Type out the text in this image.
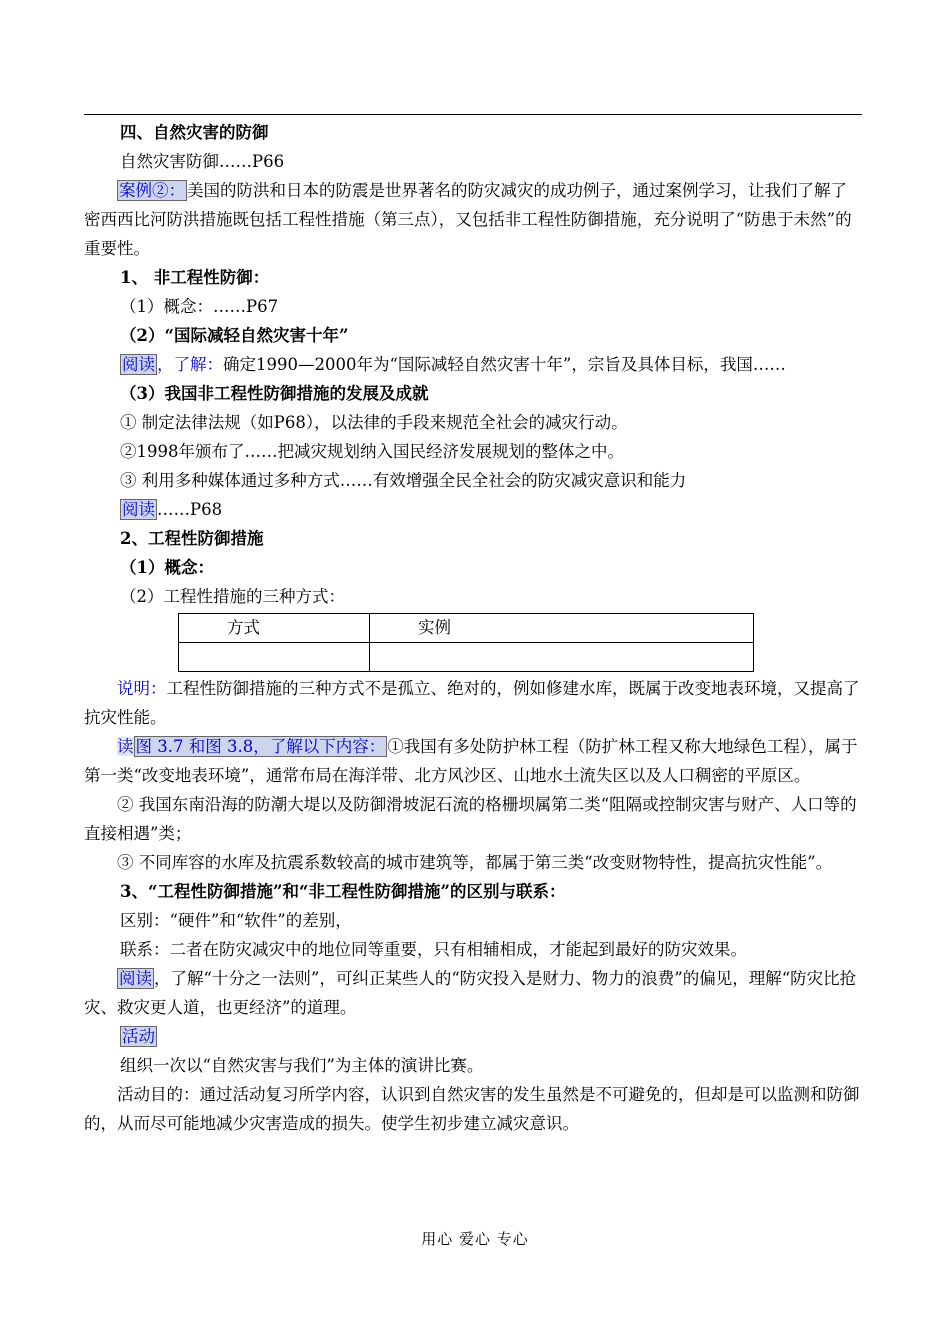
四、自然灾害的防御

自然灾害防御……P66

案例②： 美国的防洪和日本的防震是世界著名的防灾减灾的成功例子，通过案例学习，让我们了解了密西西比河防洪措施既包括工程性措施（第三点），又包括非工程性防御措施，充分说明了“防患于未然”的重要性。

1、 非工程性防御：

（1）概念：……P67

（2）“国际减轻自然灾害十年”

阅读 ，了解：确定1990—2000年为“国际减轻自然灾害十年”，宗旨及具体目标，我国……

（3）我国非工程性防御措施的发展及成就

① 制定法律法规（如P68），以法律的手段来规范全社会的减灾行动。

②1998年颁布了……把减灾规划纳入国民经济发展规划的整体之中。

③ 利用多种媒体通过多种方式……有效增强全民全社会的防灾减灾意识和能力

阅读 ……P68

2、工程性防御措施

（1）概念：

（2）工程性措施的三种方式：

方式	实例

说明：工程性防御措施的三种方式不是孤立、绝对的，例如修建水库，既属于改变地表环境，又提高了抗灾性能。

读 图 3.7 和图 3.8，了解以下内容： ①我国有多处防护林工程（防扩林工程又称大地绿色工程），属于第一类“改变地表环境”，通常布局在海洋带、北方风沙区、山地水土流失区以及人口稠密的平原区。

② 我国东南沿海的防潮大堤以及防御滑坡泥石流的格栅坝属第二类“阻隔或控制灾害与财产、人口等的直接相遇”类；

③ 不同库容的水库及抗震系数较高的城市建筑等，都属于第三类“改变财物特性，提高抗灾性能”。

3、“工程性防御措施”和“非工程性防御措施”的区别与联系：

区别：“硬件”和“软件”的差别，

联系：二者在防灾减灾中的地位同等重要，只有相辅相成，才能起到最好的防灾效果。

阅读 ，了解“十分之一法则”，可纠正某些人的“防灾投入是财力、物力的浪费”的偏见，理解“防灾比抢灾、救灾更人道，也更经济”的道理。

活动

组织一次以“自然灾害与我们”为主体的演讲比赛。

活动目的：通过活动复习所学内容，认识到自然灾害的发生虽然是不可避免的，但却是可以监测和防御的，从而尽可能地减少灾害造成的损失。使学生初步建立减灾意识。

用心 爱心 专心
